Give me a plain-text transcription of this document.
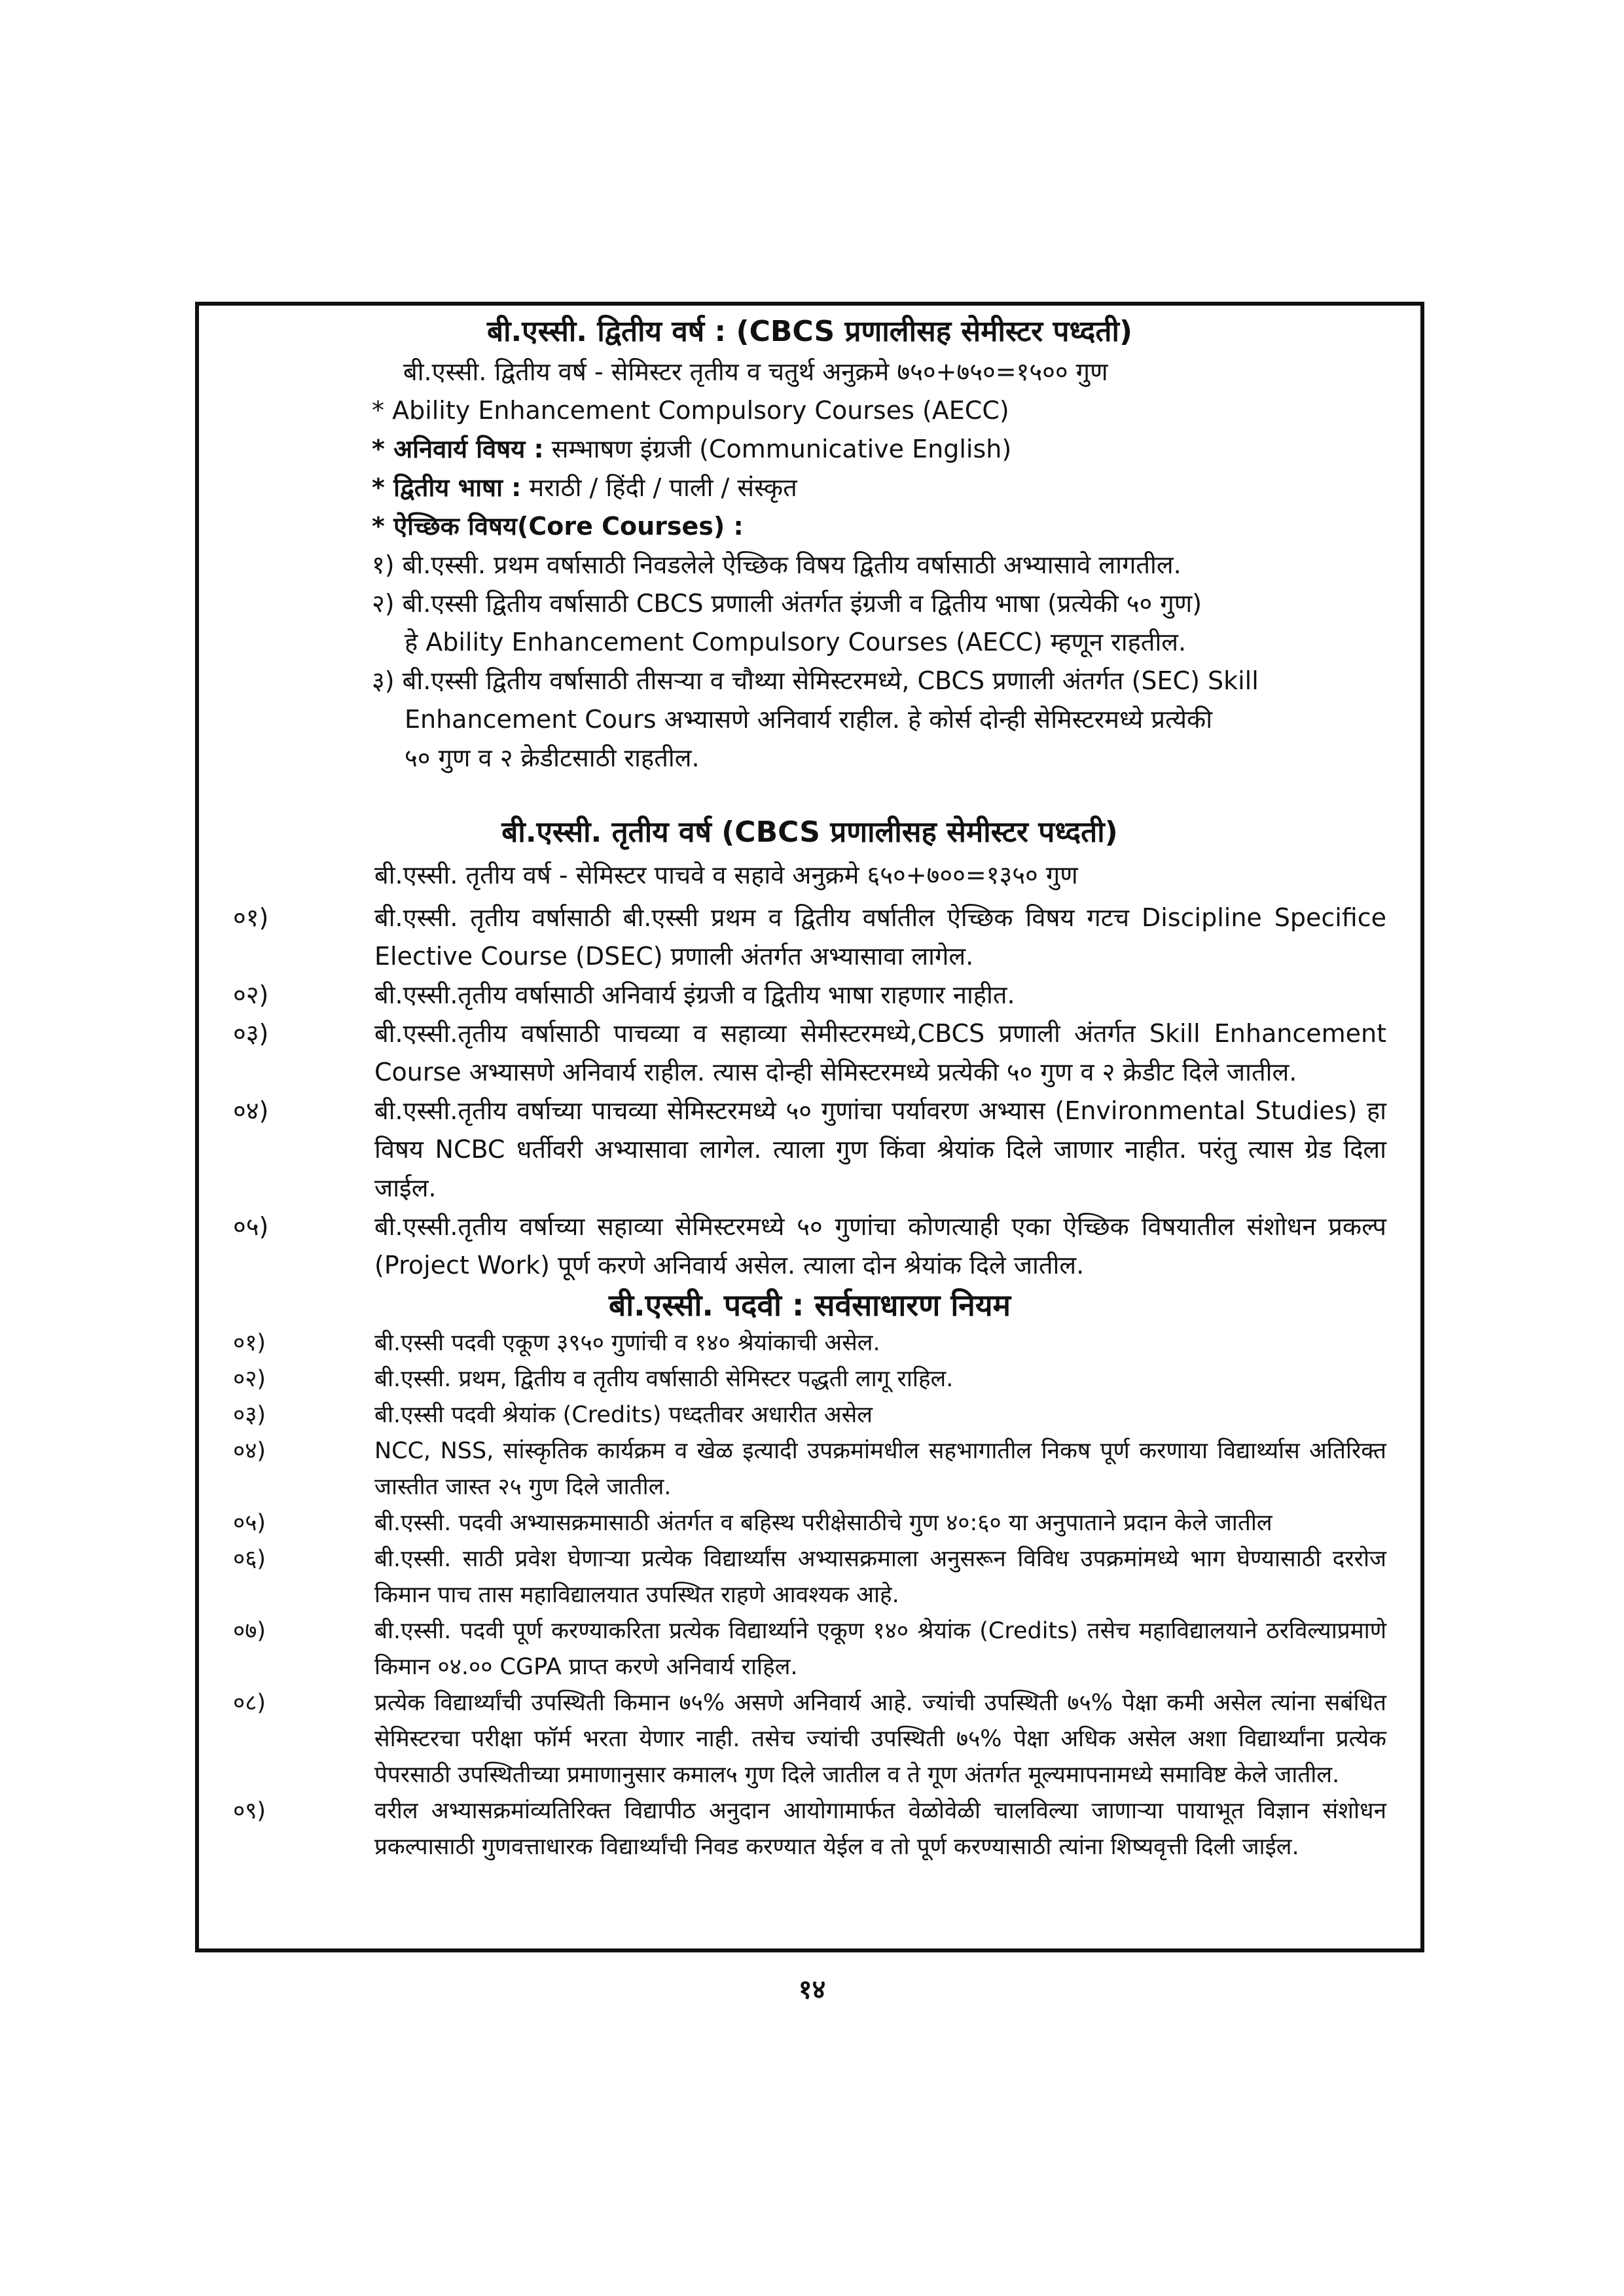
बी.एस्सी. द्वितीय वर्ष : (CBCS प्रणालीसह सेमीस्टर पध्दती)

बी.एस्सी. द्वितीय वर्ष - सेमिस्टर तृतीय व चतुर्थ अनुक्रमे ७५०+७५०=१५०० गुण

* Ability Enhancement Compulsory Courses (AECC)

* अनिवार्य विषय : सम्भाषण इंग्रजी (Communicative English)

* द्वितीय भाषा : मराठी / हिंदी / पाली / संस्कृत

* ऐच्छिक विषय(Core Courses) :

१) बी.एस्सी. प्रथम वर्षासाठी निवडलेले ऐच्छिक विषय द्वितीय वर्षासाठी अभ्यासावे लागतील.

२) बी.एस्सी द्वितीय वर्षासाठी CBCS प्रणाली अंतर्गत इंग्रजी व द्वितीय भाषा (प्रत्येकी ५० गुण)

हे Ability Enhancement Compulsory Courses (AECC) म्हणून राहतील.

३) बी.एस्सी द्वितीय वर्षासाठी तीसऱ्या व चौथ्या सेमिस्टरमध्ये, CBCS प्रणाली अंतर्गत (SEC) Skill

Enhancement Cours अभ्यासणे अनिवार्य राहील. हे कोर्स दोन्ही सेमिस्टरमध्ये प्रत्येकी

५० गुण व २ क्रेडीटसाठी राहतील.

बी.एस्सी. तृतीय वर्ष (CBCS प्रणालीसह सेमीस्टर पध्दती)

बी.एस्सी. तृतीय वर्ष - सेमिस्टर पाचवे व सहावे अनुक्रमे ६५०+७००=१३५० गुण

०१)	बी.एस्सी. तृतीय वर्षासाठी बी.एस्सी प्रथम व द्वितीय वर्षातील ऐच्छिक विषय गटच Discipline Specifice Elective Course (DSEC) प्रणाली अंतर्गत अभ्यासावा लागेल.
०२)	बी.एस्सी.तृतीय वर्षासाठी अनिवार्य इंग्रजी व द्वितीय भाषा राहणार नाहीत.
०३)	बी.एस्सी.तृतीय वर्षासाठी पाचव्या व सहाव्या सेमीस्टरमध्ये,CBCS प्रणाली अंतर्गत Skill Enhancement Course अभ्यासणे अनिवार्य राहील. त्यास दोन्ही सेमिस्टरमध्ये प्रत्येकी ५० गुण व २ क्रेडीट दिले जातील.
०४)	बी.एस्सी.तृतीय वर्षाच्या पाचव्या सेमिस्टरमध्ये ५० गुणांचा पर्यावरण अभ्यास (Environmental Studies) हा विषय NCBC धर्तीवरी अभ्यासावा लागेल. त्याला गुण किंवा श्रेयांक दिले जाणार नाहीत. परंतु त्यास ग्रेड दिला जाईल.
०५)	बी.एस्सी.तृतीय वर्षाच्या सहाव्या सेमिस्टरमध्ये ५० गुणांचा कोणत्याही एका ऐच्छिक विषयातील संशोधन प्रकल्प (Project Work) पूर्ण करणे अनिवार्य असेल. त्याला दोन श्रेयांक दिले जातील.
बी.एस्सी. पदवी : सर्वसाधारण नियम
०१)	बी.एस्सी पदवी एकूण ३९५० गुणांची व १४० श्रेयांकाची असेल.
०२)	बी.एस्सी. प्रथम, द्वितीय व तृतीय वर्षासाठी सेमिस्टर पद्धती लागू राहिल.
०३)	बी.एस्सी पदवी श्रेयांक (Credits) पध्दतीवर अधारीत असेल
०४)	NCC, NSS, सांस्कृतिक कार्यक्रम व खेळ इत्यादी उपक्रमांमधील सहभागातील निकष पूर्ण करणाया विद्यार्थ्यास अतिरिक्त जास्तीत जास्त २५ गुण दिले जातील.
०५)	बी.एस्सी. पदवी अभ्यासक्रमासाठी अंतर्गत व बहिस्थ परीक्षेसाठीचे गुण ४०:६० या अनुपाताने प्रदान केले जातील
०६)	बी.एस्सी. साठी प्रवेश घेणाऱ्या प्रत्येक विद्यार्थ्यांस अभ्यासक्रमाला अनुसरून विविध उपक्रमांमध्ये भाग घेण्यासाठी दररोज किमान पाच तास महाविद्यालयात उपस्थित राहणे आवश्यक आहे.
०७)	बी.एस्सी. पदवी पूर्ण करण्याकरिता प्रत्येक विद्यार्थ्याने एकूण १४० श्रेयांक (Credits) तसेच महाविद्यालयाने ठरविल्याप्रमाणे किमान ०४.०० CGPA प्राप्त करणे अनिवार्य राहिल.
०८)	प्रत्येक विद्यार्थ्यांची उपस्थिती किमान ७५% असणे अनिवार्य आहे. ज्यांची उपस्थिती ७५% पेक्षा कमी असेल त्यांना सबंधित सेमिस्टरचा परीक्षा फॉर्म भरता येणार नाही. तसेच ज्यांची उपस्थिती ७५% पेक्षा अधिक असेल अशा विद्यार्थ्यांना प्रत्येक पेपरसाठी उपस्थितीच्या प्रमाणानुसार कमाल५ गुण दिले जातील व ते गूण अंतर्गत मूल्यमापनामध्ये समाविष्ट केले जातील.
०९)	वरील अभ्यासक्रमांव्यतिरिक्त विद्यापीठ अनुदान आयोगामार्फत वेळोवेळी चालविल्या जाणाऱ्या पायाभूत विज्ञान संशोधन प्रकल्पासाठी गुणवत्ताधारक विद्यार्थ्यांची निवड करण्यात येईल व तो पूर्ण करण्यासाठी त्यांना शिष्यवृत्ती दिली जाईल.
१४
